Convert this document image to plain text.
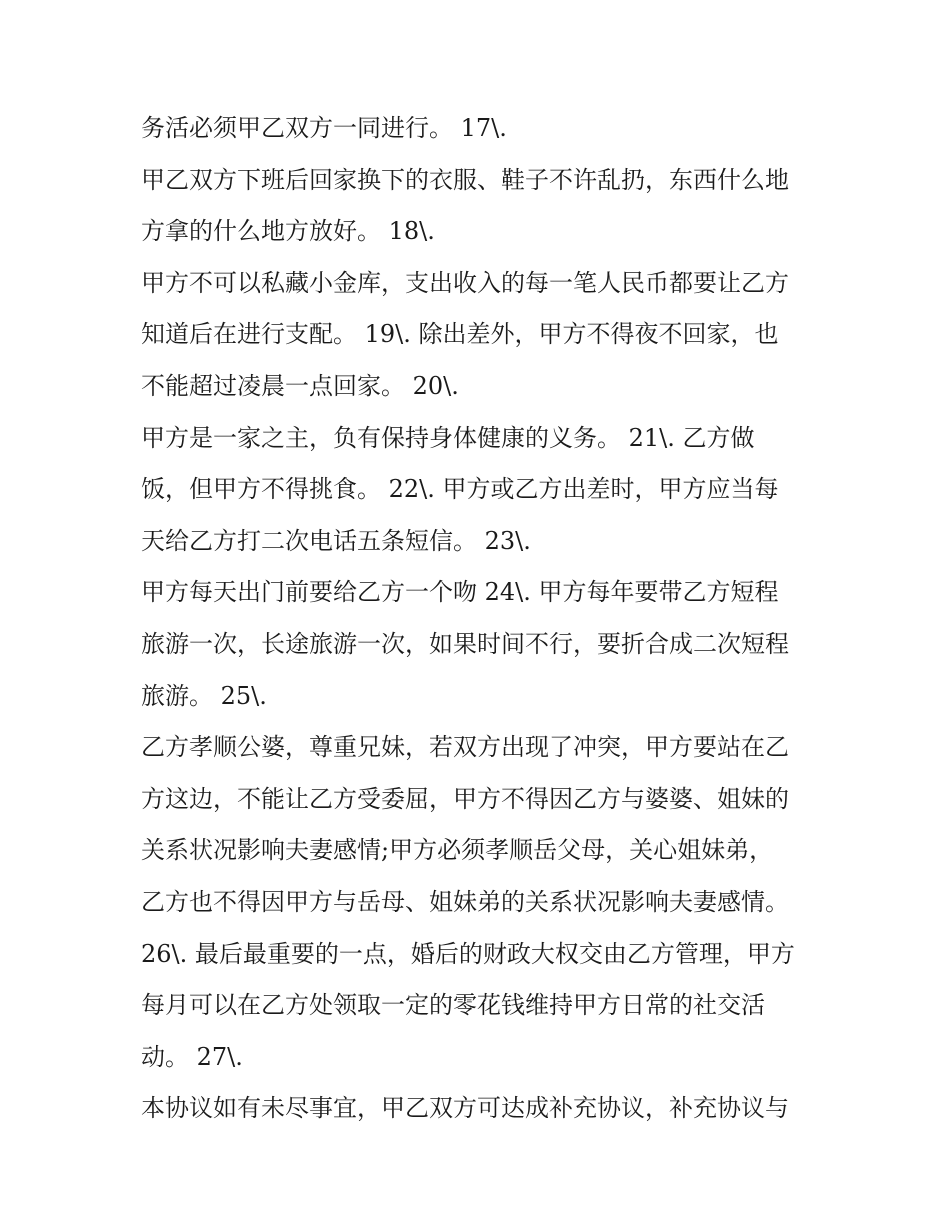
务活必须甲乙双方一同进行。 17\.
甲乙双方下班后回家换下的衣服、鞋子不许乱扔，东西什么地
方拿的什么地方放好。 18\.
甲方不可以私藏小金库，支出收入的每一笔人民币都要让乙方
知道后在进行支配。 19\. 除出差外，甲方不得夜不回家，也
不能超过凌晨一点回家。 20\.
甲方是一家之主，负有保持身体健康的义务。 21\. 乙方做
饭，但甲方不得挑食。 22\. 甲方或乙方出差时，甲方应当每
天给乙方打二次电话五条短信。 23\.
甲方每天出门前要给乙方一个吻 24\. 甲方每年要带乙方短程
旅游一次，长途旅游一次，如果时间不行，要折合成二次短程
旅游。 25\.
乙方孝顺公婆，尊重兄妹，若双方出现了冲突，甲方要站在乙
方这边，不能让乙方受委屈，甲方不得因乙方与婆婆、姐妹的
关系状况影响夫妻感情;甲方必须孝顺岳父母，关心姐妹弟，
乙方也不得因甲方与岳母、姐妹弟的关系状况影响夫妻感情。
26\. 最后最重要的一点，婚后的财政大权交由乙方管理，甲方
每月可以在乙方处领取一定的零花钱维持甲方日常的社交活
动。 27\.
本协议如有未尽事宜，甲乙双方可达成补充协议，补充协议与
